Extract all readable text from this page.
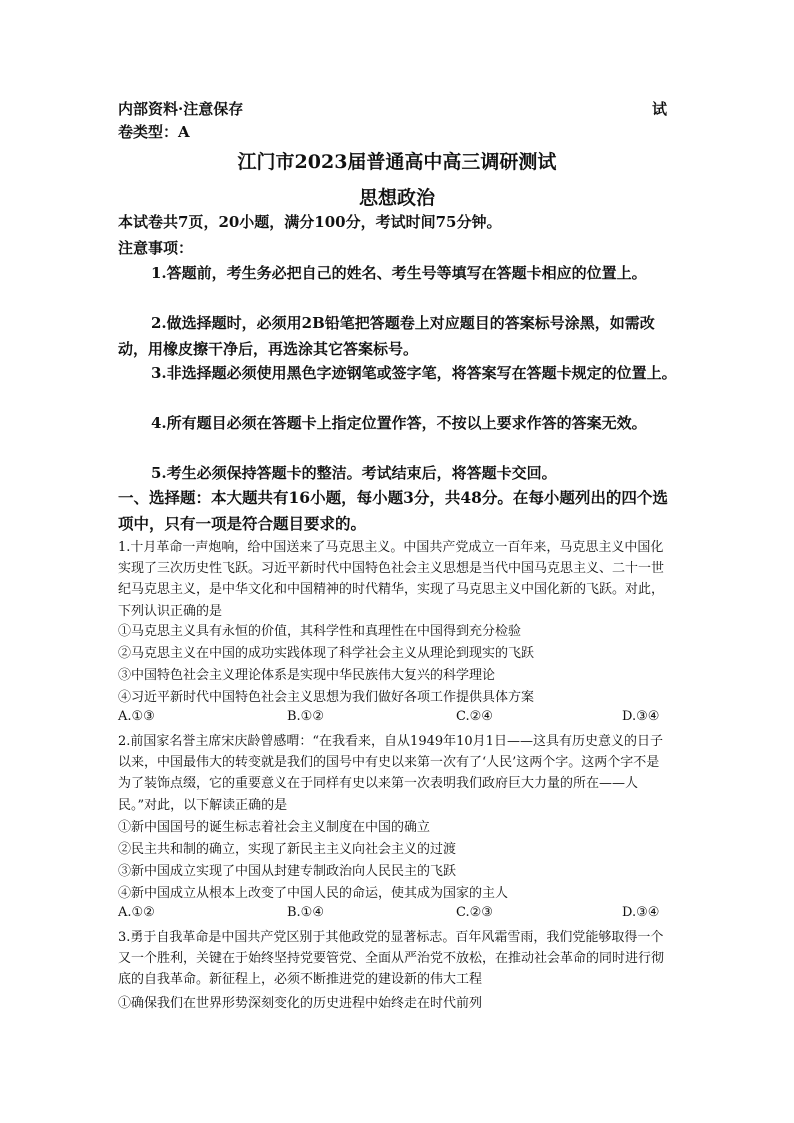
内部资料·注意保存	试
卷类型：A
江门市2023届普通高中高三调研测试
思想政治
本试卷共7页，20小题，满分100分，考试时间75分钟。
注意事项：
1.答题前，考生务必把自己的姓名、考生号等填写在答题卡相应的位置上。
2.做选择题时，必须用2B铅笔把答题卷上对应题目的答案标号涂黑，如需改动，用橡皮擦干净后，再选涂其它答案标号。
3.非选择题必须使用黑色字迹钢笔或签字笔，将答案写在答题卡规定的位置上。
4.所有题目必须在答题卡上指定位置作答，不按以上要求作答的答案无效。
5.考生必须保持答题卡的整洁。考试结束后，将答题卡交回。
一、选择题：本大题共有16小题，每小题3分，共48分。在每小题列出的四个选项中，只有一项是符合题目要求的。
1.十月革命一声炮响，给中国送来了马克思主义。中国共产党成立一百年来，马克思主义中国化实现了三次历史性飞跃。习近平新时代中国特色社会主义思想是当代中国马克思主义、二十一世纪马克思主义，是中华文化和中国精神的时代精华，实现了马克思主义中国化新的飞跃。对此，下列认识正确的是
①马克思主义具有永恒的价值，其科学性和真理性在中国得到充分检验
②马克思主义在中国的成功实践体现了科学社会主义从理论到现实的飞跃
③中国特色社会主义理论体系是实现中华民族伟大复兴的科学理论
④习近平新时代中国特色社会主义思想为我们做好各项工作提供具体方案
A.①③	B.①②	C.②④	D.③④
2.前国家名誉主席宋庆龄曾感喟：“在我看来，自从1949年10月1日——这具有历史意义的日子以来，中国最伟大的转变就是我们的国号中有史以来第一次有了‘人民’这两个字。这两个字不是为了装饰点缀，它的重要意义在于同样有史以来第一次表明我们政府巨大力量的所在——人民。”对此，以下解读正确的是
①新中国国号的诞生标志着社会主义制度在中国的确立
②民主共和制的确立，实现了新民主主义向社会主义的过渡
③新中国成立实现了中国从封建专制政治向人民民主的飞跃
④新中国成立从根本上改变了中国人民的命运，使其成为国家的主人
A.①②	B.①④	C.②③	D.③④
3.勇于自我革命是中国共产党区别于其他政党的显著标志。百年风霜雪雨，我们党能够取得一个又一个胜利，关键在于始终坚持党要管党、全面从严治党不放松，在推动社会革命的同时进行彻底的自我革命。新征程上，必须不断推进党的建设新的伟大工程
①确保我们在世界形势深刻变化的历史进程中始终走在时代前列
